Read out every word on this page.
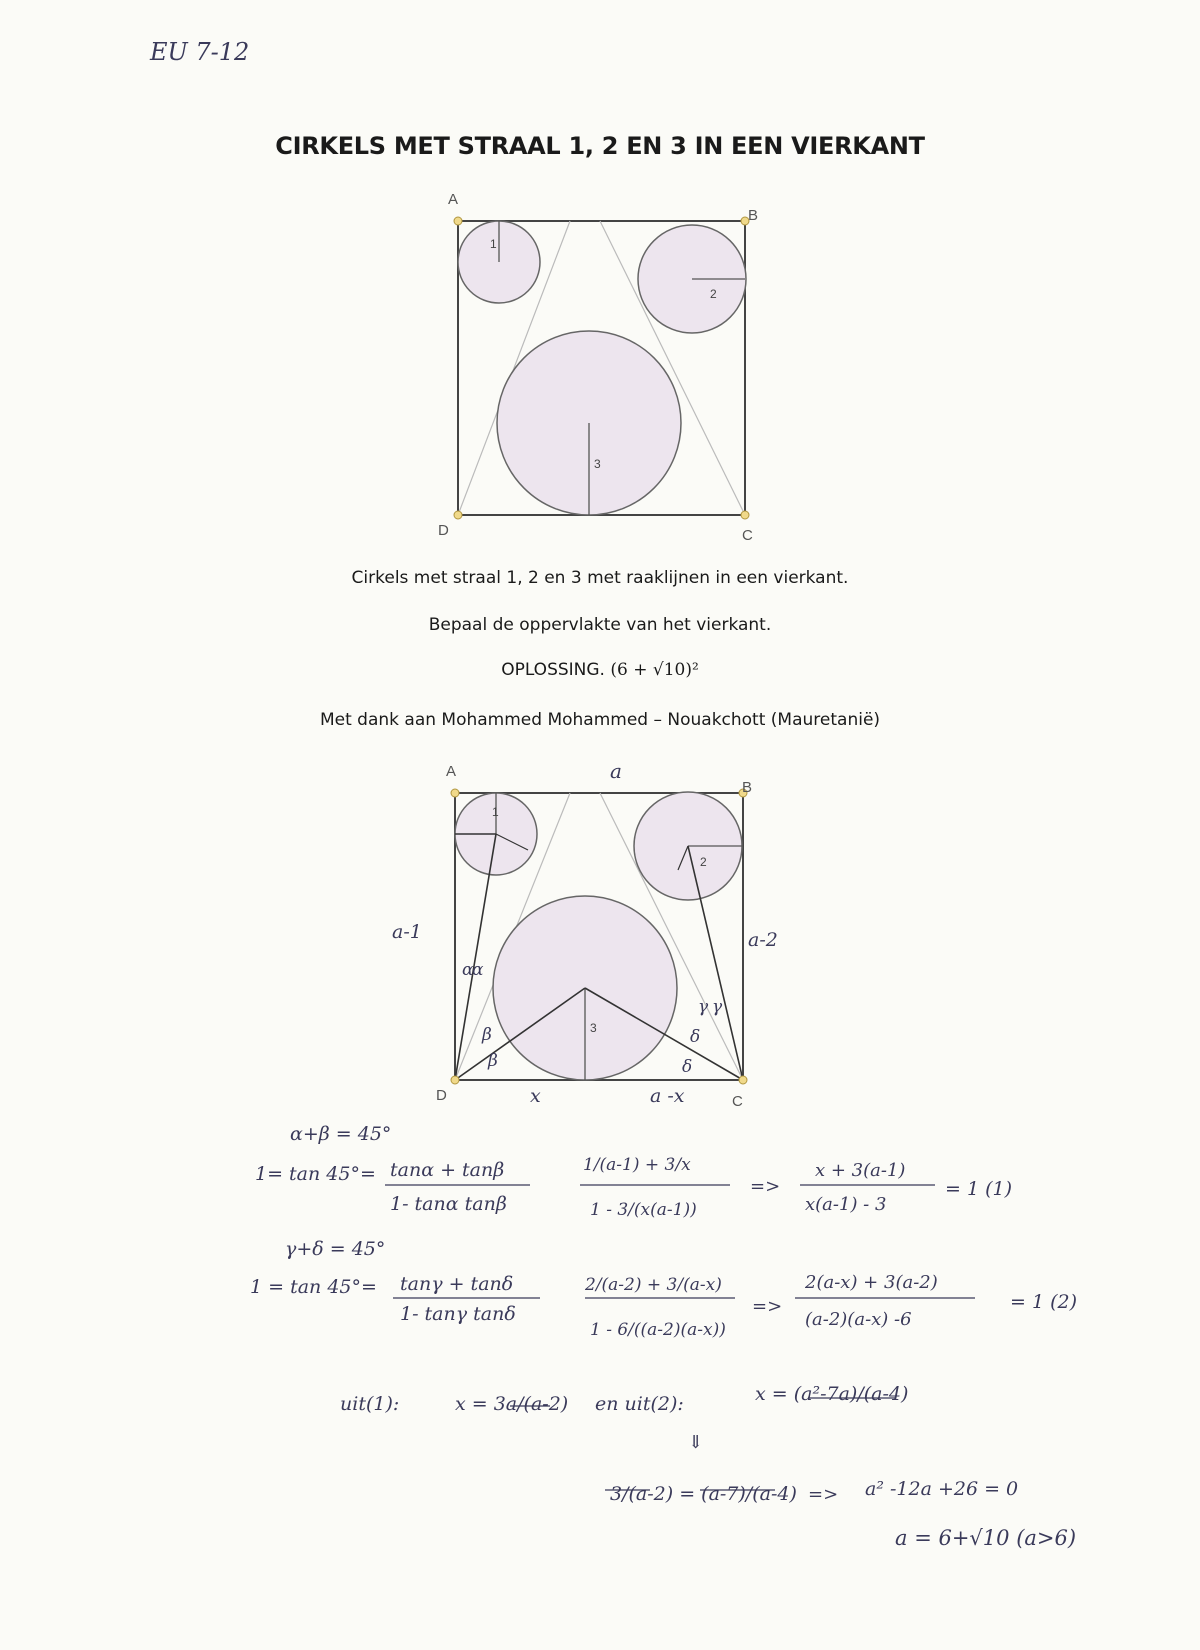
EU 7-12
CIRKELS MET STRAAL 1, 2 EN 3 IN EEN VIERKANT
A
B
C
D
1
2
3
Cirkels met straal 1, 2 en 3 met raaklijnen in een vierkant.
Bepaal de oppervlakte van het vierkant.
OPLOSSING. (6 + √10)²
Met dank aan Mohammed Mohammed – Nouakchott (Mauretanië)
A
B
C
D
1
2
3
a
a-1	a-2
x	a -x
α
α
β
β
γ γ
δ
δ
α+β = 45°
1= tan 45°= tanα + tanβ
1- tanα tanβ
1/(a-1) + 3/x
1 - 3/(x(a-1))
=>
x + 3(a-1)
x(a-1) - 3
= 1 (1)
γ+δ = 45°
1 = tan 45°= tanγ + tanδ
1- tanγ tanδ
2/(a-2) + 3/(a-x)
1 - 6/((a-2)(a-x))
=>
2(a-x) + 3(a-2)
(a-2)(a-x) -6
= 1 (2)
uit(1):	x = 3a/(a-2) en uit(2):	x = (a²-7a)/(a-4)
⇓
3/(a-2) = (a-7)/(a-4) => a² -12a +26 = 0
a = 6+√10 (a>6)
